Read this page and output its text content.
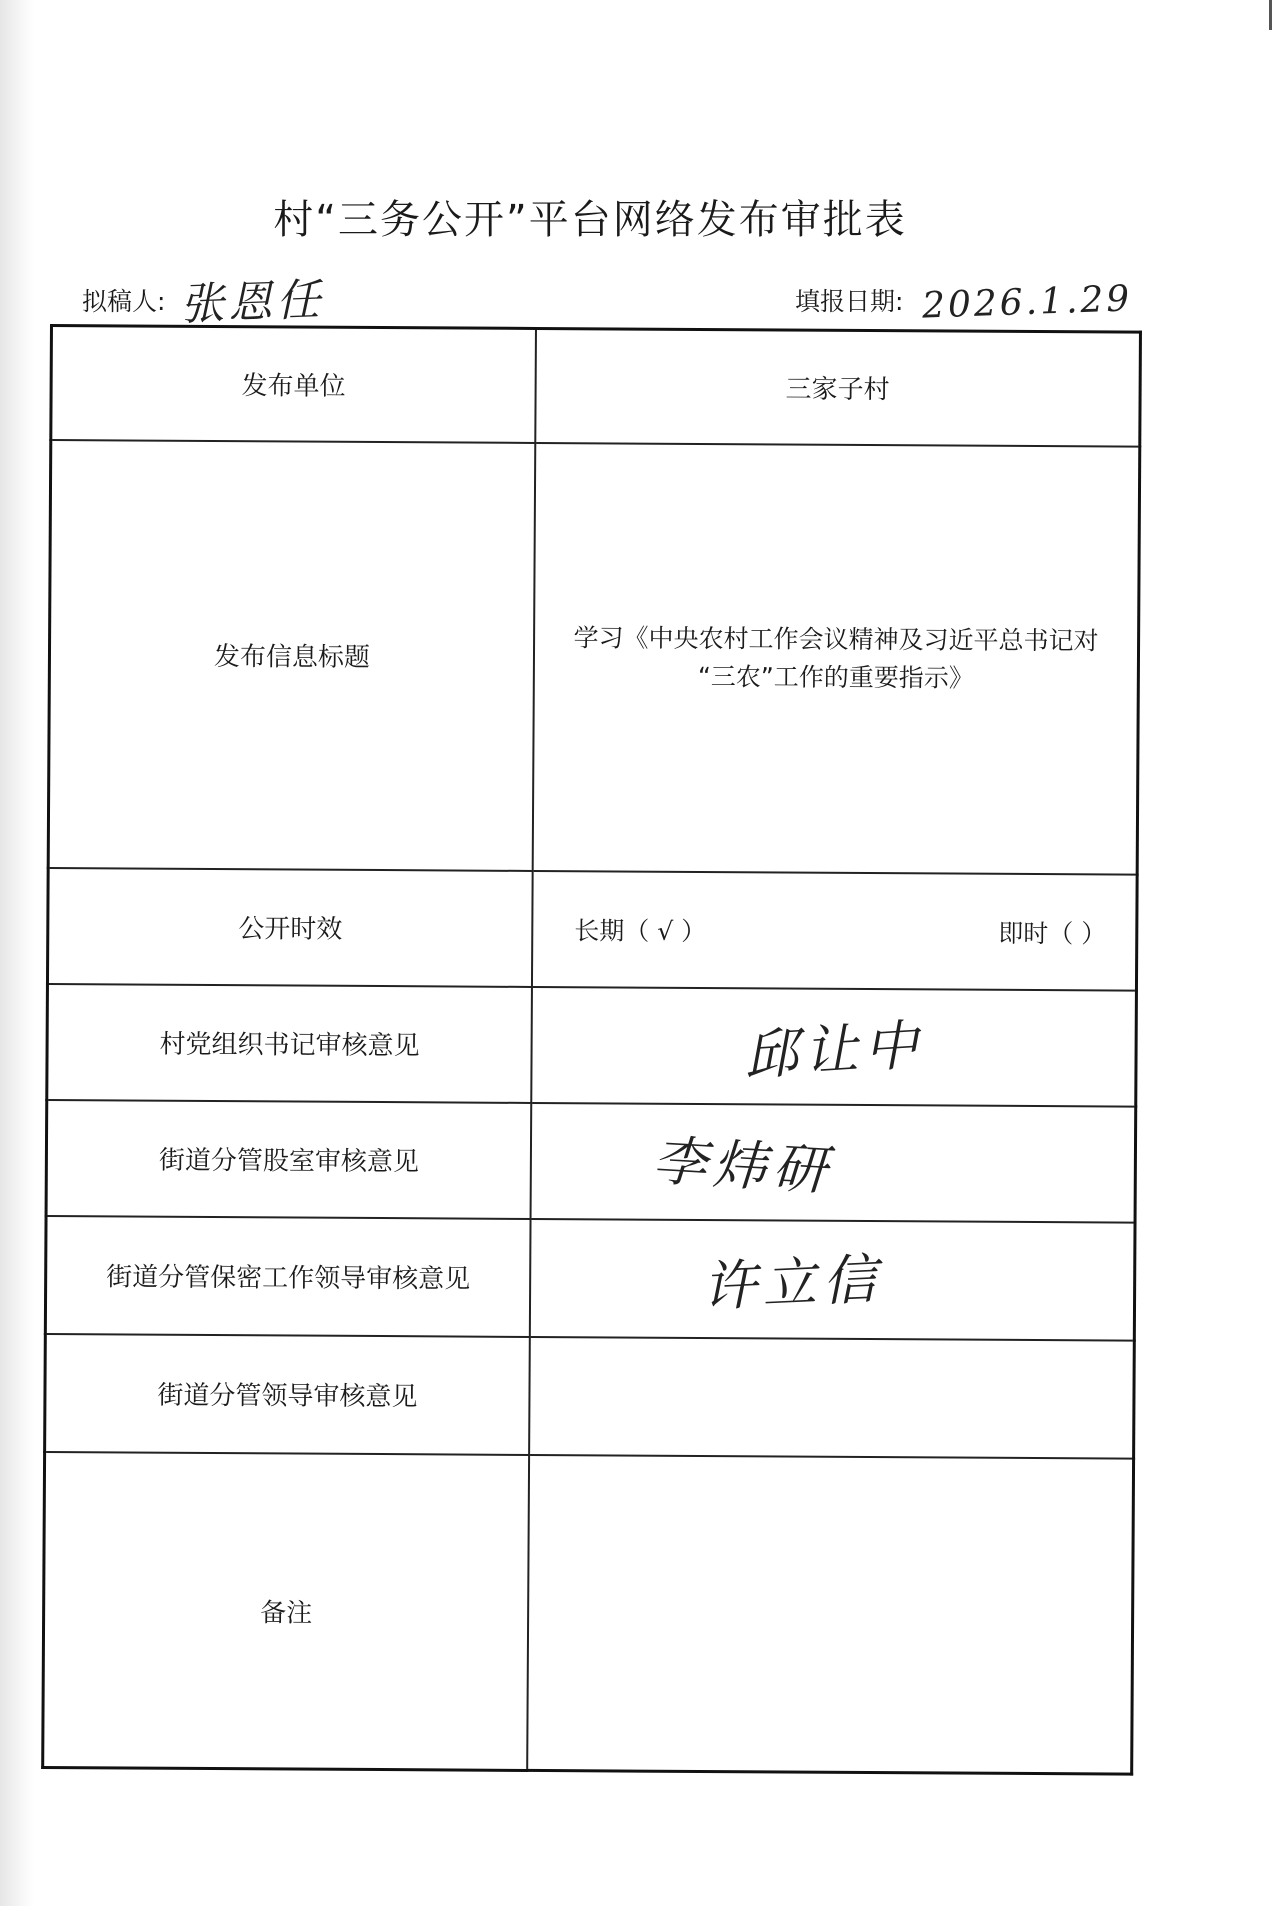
村“三务公开”平台网络发布审批表
拟稿人: 张恩任	填报日期: 2026.1.29
发布单位	三家子村
发布信息标题	学习《中央农村工作会议精神及习近平总书记对
“三农”工作的重要指示》

公开时效	长期（ √ ） 即时（ ）

村党组织书记审核意见	邱让中
街道分管股室审核意见	李炜研
街道分管保密工作领导审核意见	许立信
街道分管领导审核意见	
备注	
